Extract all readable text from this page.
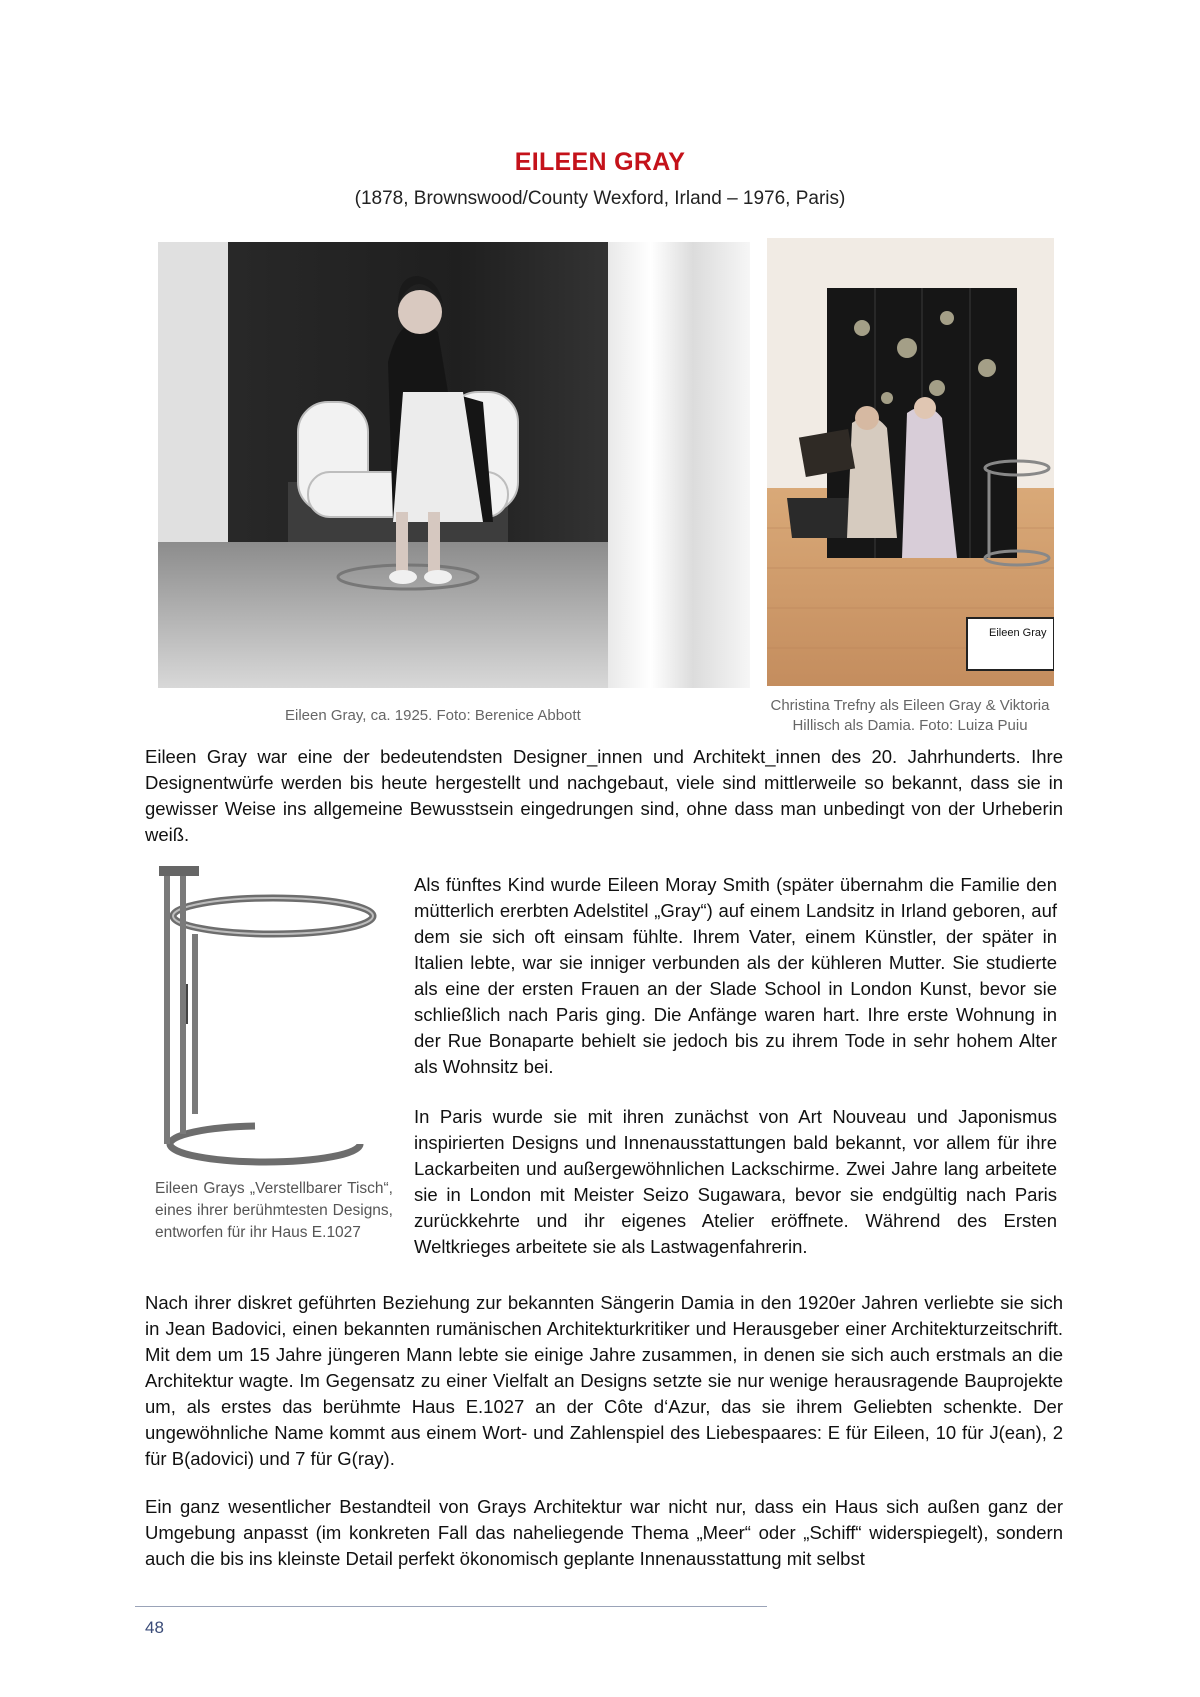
EILEEN GRAY
(1878, Brownswood/County Wexford, Irland – 1976, Paris)
Eileen Gray, ca. 1925. Foto: Berenice Abbott
Eileen Gray
Christina Trefny als Eileen Gray & Viktoria
Hillisch als Damia. Foto: Luiza Puiu

Eileen Gray war eine der bedeutendsten Designer_innen und Architekt_innen des 20. Jahrhunderts. Ihre Designentwürfe werden bis heute hergestellt und nachgebaut, viele sind mittlerweile so bekannt, dass sie in gewisser Weise ins allgemeine Bewusstsein eingedrungen sind, ohne dass man unbedingt von der Urheberin weiß.

Eileen Grays „Verstellbarer Tisch“, eines ihrer berühmtesten Designs, entworfen für ihr Haus E.1027

Als fünftes Kind wurde Eileen Moray Smith (später übernahm die Familie den mütterlich ererbten Adelstitel „Gray“) auf einem Landsitz in Irland geboren, auf dem sie sich oft einsam fühlte. Ihrem Vater, einem Künstler, der später in Italien lebte, war sie inniger verbunden als der kühleren Mutter. Sie studierte als eine der ersten Frauen an der Slade School in London Kunst, bevor sie schließlich nach Paris ging. Die Anfänge waren hart. Ihre erste Wohnung in der Rue Bonaparte behielt sie jedoch bis zu ihrem Tode in sehr hohem Alter als Wohnsitz bei.

In Paris wurde sie mit ihren zunächst von Art Nouveau und Japonismus inspirierten Designs und Innenausstattungen bald bekannt, vor allem für ihre Lackarbeiten und außergewöhnlichen Lackschirme. Zwei Jahre lang arbeitete sie in London mit Meister Seizo Sugawara, bevor sie endgültig nach Paris zurückkehrte und ihr eigenes Atelier eröffnete. Während des Ersten Weltkrieges arbeitete sie als Lastwagenfahrerin.

Nach ihrer diskret geführten Beziehung zur bekannten Sängerin Damia in den 1920er Jahren verliebte sie sich in Jean Badovici, einen bekannten rumänischen Architekturkritiker und Herausgeber einer Architekturzeitschrift. Mit dem um 15 Jahre jüngeren Mann lebte sie einige Jahre zusammen, in denen sie sich auch erstmals an die Architektur wagte. Im Gegensatz zu einer Vielfalt an Designs setzte sie nur wenige herausragende Bauprojekte um, als erstes das berühmte Haus E.1027 an der Côte d‘Azur, das sie ihrem Geliebten schenkte. Der ungewöhnliche Name kommt aus einem Wort- und Zahlenspiel des Liebespaares: E für Eileen, 10 für J(ean), 2 für B(adovici) und 7 für G(ray).

Ein ganz wesentlicher Bestandteil von Grays Architektur war nicht nur, dass ein Haus sich außen ganz der Umgebung anpasst (im konkreten Fall das naheliegende Thema „Meer“ oder „Schiff“ widerspiegelt), sondern auch die bis ins kleinste Detail perfekt ökonomisch geplante Innenausstattung mit selbst

48
